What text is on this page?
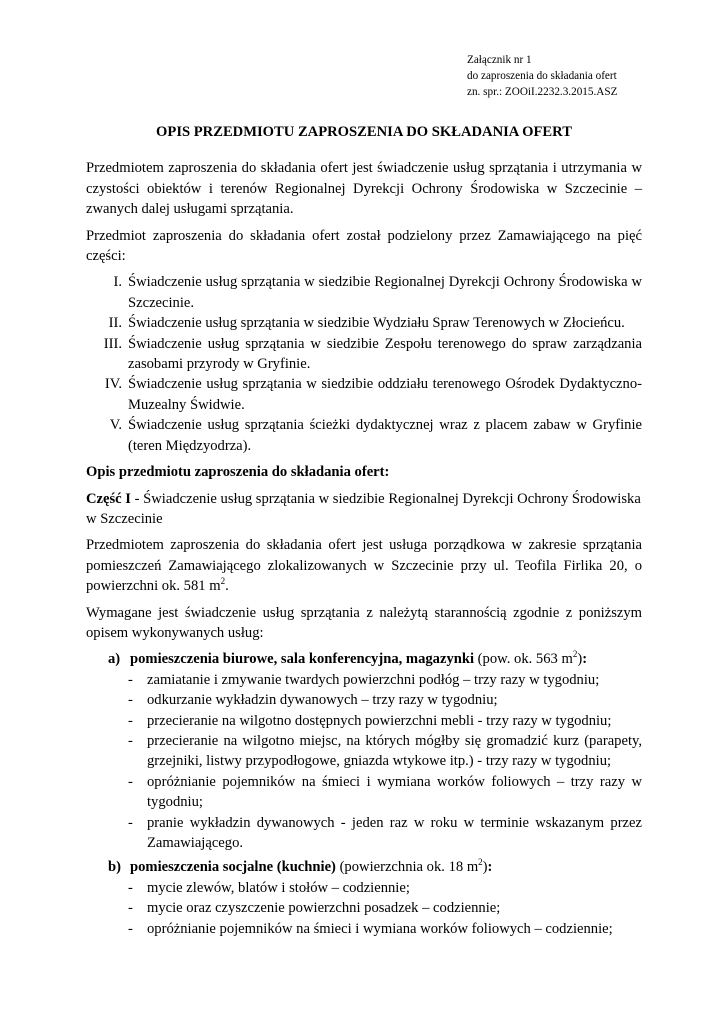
Załącznik nr 1
do zaproszenia do składania ofert
zn. spr.: ZOOiI.2232.3.2015.ASZ
OPIS PRZEDMIOTU ZAPROSZENIA DO SKŁADANIA OFERT

Przedmiotem zaproszenia do składania ofert jest świadczenie usług sprzątania i utrzymania w czystości obiektów i terenów Regionalnej Dyrekcji Ochrony Środowiska w Szczecinie – zwanych dalej usługami sprzątania.

Przedmiot zaproszenia do składania ofert został podzielony przez Zamawiającego na pięć części:

I. Świadczenie usług sprzątania w siedzibie Regionalnej Dyrekcji Ochrony Środowiska w Szczecinie.
II. Świadczenie usług sprzątania w siedzibie Wydziału Spraw Terenowych w Złocieńcu.
III. Świadczenie usług sprzątania w siedzibie Zespołu terenowego do spraw zarządzania zasobami przyrody w Gryfinie.
IV. Świadczenie usług sprzątania w siedzibie oddziału terenowego Ośrodek Dydaktyczno-Muzealny Świdwie.
V. Świadczenie usług sprzątania ścieżki dydaktycznej wraz z placem zabaw w Gryfinie (teren Międzyodrza).

Opis przedmiotu zaproszenia do składania ofert:

Część I - Świadczenie usług sprzątania w siedzibie Regionalnej Dyrekcji Ochrony Środowiska w Szczecinie

Przedmiotem zaproszenia do składania ofert jest usługa porządkowa w zakresie sprzątania pomieszczeń Zamawiającego zlokalizowanych w Szczecinie przy ul. Teofila Firlika 20, o powierzchni ok. 581 $m^2$.

Wymagane jest świadczenie usług sprzątania z należytą starannością zgodnie z poniższym opisem wykonywanych usług:

a) pomieszczenia biurowe, sala konferencyjna, magazynki (pow. ok. 563 $m^2$):
- zamiatanie i zmywanie twardych powierzchni podłóg – trzy razy w tygodniu;
- odkurzanie wykładzin dywanowych – trzy razy w tygodniu;
- przecieranie na wilgotno dostępnych powierzchni mebli - trzy razy w tygodniu;
- przecieranie na wilgotno miejsc, na których mógłby się gromadzić kurz (parapety, grzejniki, listwy przypodłogowe, gniazda wtykowe itp.) - trzy razy w tygodniu;
- opróżnianie pojemników na śmieci i wymiana worków foliowych – trzy razy w tygodniu;
- pranie wykładzin dywanowych - jeden raz w roku w terminie wskazanym przez Zamawiającego.
b) pomieszczenia socjalne (kuchnie) (powierzchnia ok. 18 $m^2$):
- mycie zlewów, blatów i stołów – codziennie;
- mycie oraz czyszczenie powierzchni posadzek – codziennie;
- opróżnianie pojemników na śmieci i wymiana worków foliowych – codziennie;
